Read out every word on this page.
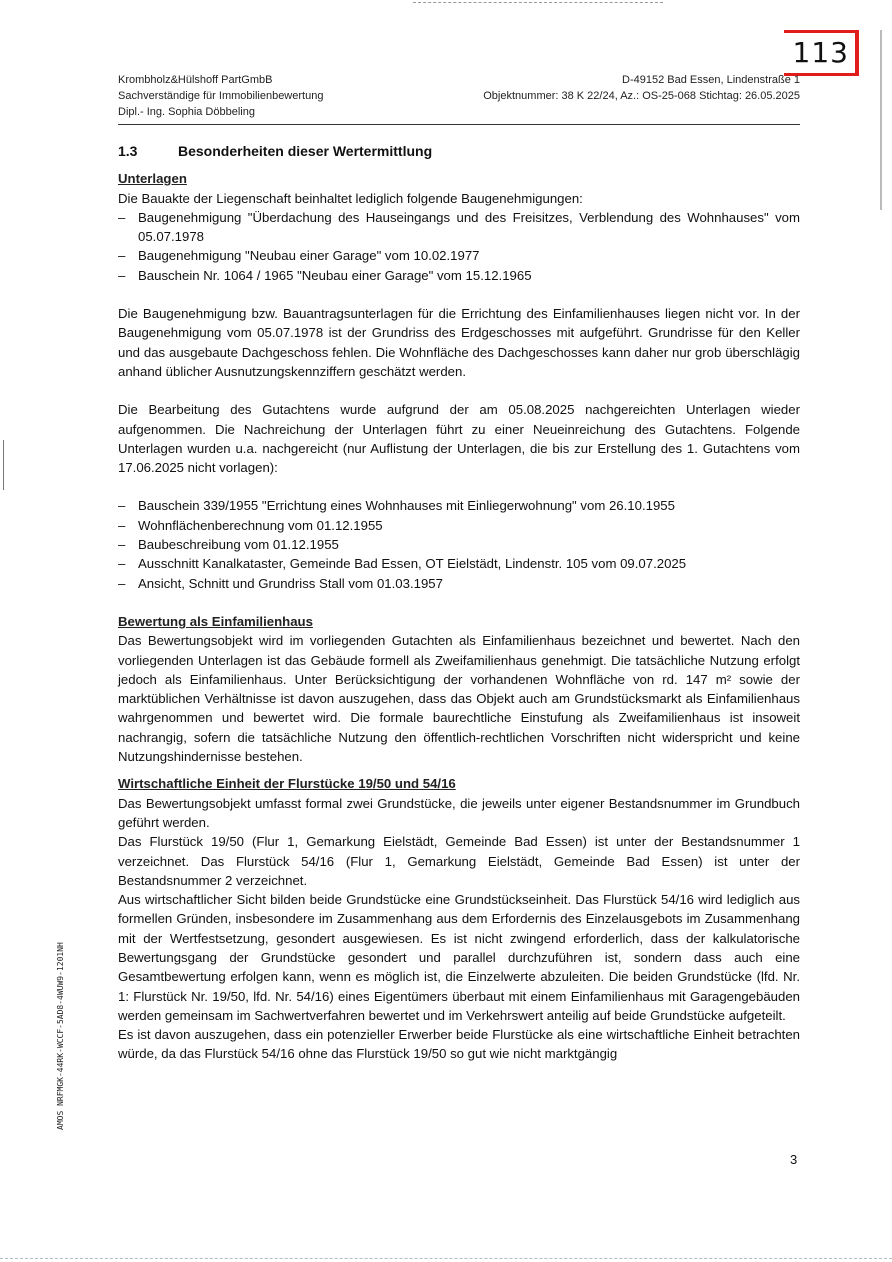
113
Krombholz&Hülshoff PartGmbB
Sachverständige für Immobilienbewertung
Dipl.- Ing. Sophia Döbbeling
D-49152 Bad Essen, Lindenstraße 1
Objektnummer: 38 K 22/24, Az.: OS-25-068 Stichtag: 26.05.2025
1.3	Besonderheiten dieser Wertermittlung
Unterlagen

Die Bauakte der Liegenschaft beinhaltet lediglich folgende Baugenehmigungen:

– Baugenehmigung "Überdachung des Hauseingangs und des Freisitzes, Verblendung des Wohnhauses" vom 05.07.1978
– Baugenehmigung "Neubau einer Garage" vom 10.02.1977
– Bauschein Nr. 1064 / 1965 "Neubau einer Garage" vom 15.12.1965

Die Baugenehmigung bzw. Bauantragsunterlagen für die Errichtung des Einfamilienhauses liegen nicht vor. In der Baugenehmigung vom 05.07.1978 ist der Grundriss des Erdgeschosses mit aufgeführt. Grundrisse für den Keller und das ausgebaute Dachgeschoss fehlen. Die Wohnfläche des Dachgeschosses kann daher nur grob überschlägig anhand üblicher Ausnutzungskennziffern geschätzt werden.

Die Bearbeitung des Gutachtens wurde aufgrund der am 05.08.2025 nachgereichten Unterlagen wieder aufgenommen. Die Nachreichung der Unterlagen führt zu einer Neueinreichung des Gutachtens. Folgende Unterlagen wurden u.a. nachgereicht (nur Auflistung der Unterlagen, die bis zur Erstellung des 1. Gutachtens vom 17.06.2025 nicht vorlagen):

– Bauschein 339/1955 "Errichtung eines Wohnhauses mit Einliegerwohnung" vom 26.10.1955
– Wohnflächenberechnung vom 01.12.1955
– Baubeschreibung vom 01.12.1955
– Ausschnitt Kanalkataster, Gemeinde Bad Essen, OT Eielstädt, Lindenstr. 105 vom 09.07.2025
– Ansicht, Schnitt und Grundriss Stall vom 01.03.1957
Bewertung als Einfamilienhaus

Das Bewertungsobjekt wird im vorliegenden Gutachten als Einfamilienhaus bezeichnet und bewertet. Nach den vorliegenden Unterlagen ist das Gebäude formell als Zweifamilienhaus genehmigt. Die tatsächliche Nutzung erfolgt jedoch als Einfamilienhaus. Unter Berücksichtigung der vorhandenen Wohnfläche von rd. 147 m² sowie der marktüblichen Verhältnisse ist davon auszugehen, dass das Objekt auch am Grundstücksmarkt als Einfamilienhaus wahrgenommen und bewertet wird. Die formale baurechtliche Einstufung als Zweifamilienhaus ist insoweit nachrangig, sofern die tatsächliche Nutzung den öffentlich-rechtlichen Vorschriften nicht widerspricht und keine Nutzungshindernisse bestehen.

Wirtschaftliche Einheit der Flurstücke 19/50 und 54/16

Das Bewertungsobjekt umfasst formal zwei Grundstücke, die jeweils unter eigener Bestandsnummer im Grundbuch geführt werden.

Das Flurstück 19/50 (Flur 1, Gemarkung Eielstädt, Gemeinde Bad Essen) ist unter der Bestandsnummer 1 verzeichnet. Das Flurstück 54/16 (Flur 1, Gemarkung Eielstädt, Gemeinde Bad Essen) ist unter der Bestandsnummer 2 verzeichnet.

Aus wirtschaftlicher Sicht bilden beide Grundstücke eine Grundstückseinheit. Das Flurstück 54/16 wird lediglich aus formellen Gründen, insbesondere im Zusammenhang aus dem Erfordernis des Einzelausgebots im Zusammenhang mit der Wertfestsetzung, gesondert ausgewiesen. Es ist nicht zwingend erforderlich, dass der kalkulatorische Bewertungsgang der Grundstücke gesondert und parallel durchzuführen ist, sondern dass auch eine Gesamtbewertung erfolgen kann, wenn es möglich ist, die Einzelwerte abzuleiten. Die beiden Grundstücke (lfd. Nr. 1: Flurstück Nr. 19/50, lfd. Nr. 54/16) eines Eigentümers überbaut mit einem Einfamilienhaus mit Garagengebäuden werden gemeinsam im Sachwertverfahren bewertet und im Verkehrswert anteilig auf beide Grundstücke aufgeteilt.

Es ist davon auszugehen, dass ein potenzieller Erwerber beide Flurstücke als eine wirtschaftliche Einheit betrachten würde, da das Flurstück 54/16 ohne das Flurstück 19/50 so gut wie nicht marktgängig

3
AMOS NRFMGK-44RK-WCCF-5AD8-4WUW9-1201NH
